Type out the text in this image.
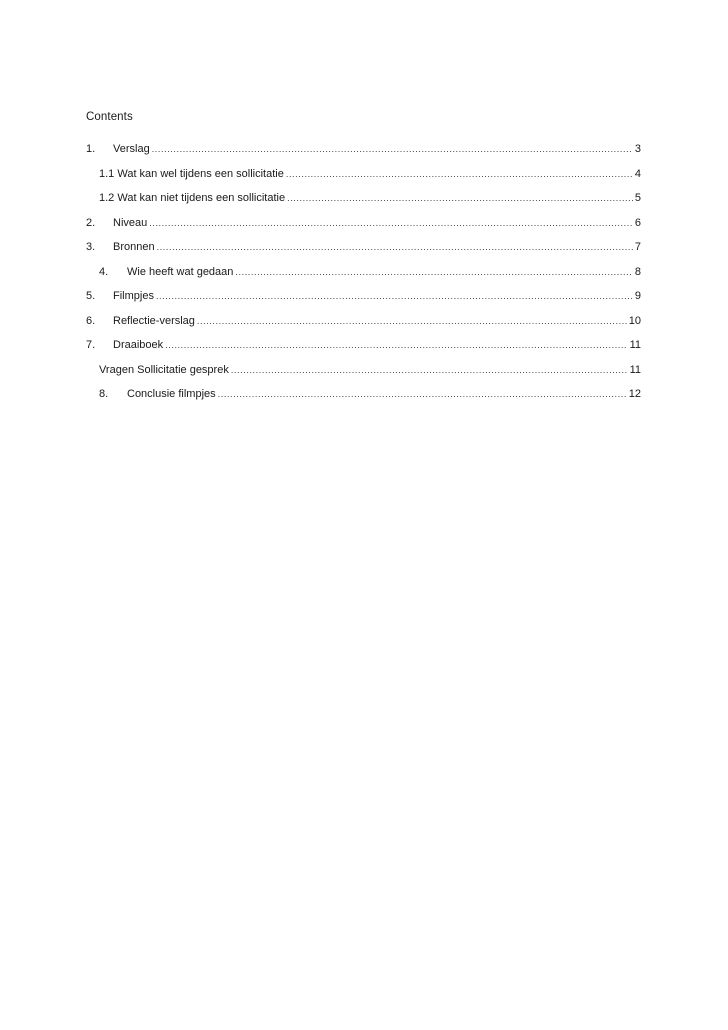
Contents
1.	Verslag .....	3
1.1 Wat kan wel tijdens een sollicitatie .....	4
1.2 Wat kan niet tijdens een sollicitatie .....	5
2.	Niveau .....	6
3.	Bronnen .....	7
4.	Wie heeft wat gedaan .....	8
5.	Filmpjes .....	9
6.	Reflectie-verslag .....	10
7.	Draaiboek .....	11
Vragen Sollicitatie gesprek .....	11
8.	Conclusie filmpjes .....	12
